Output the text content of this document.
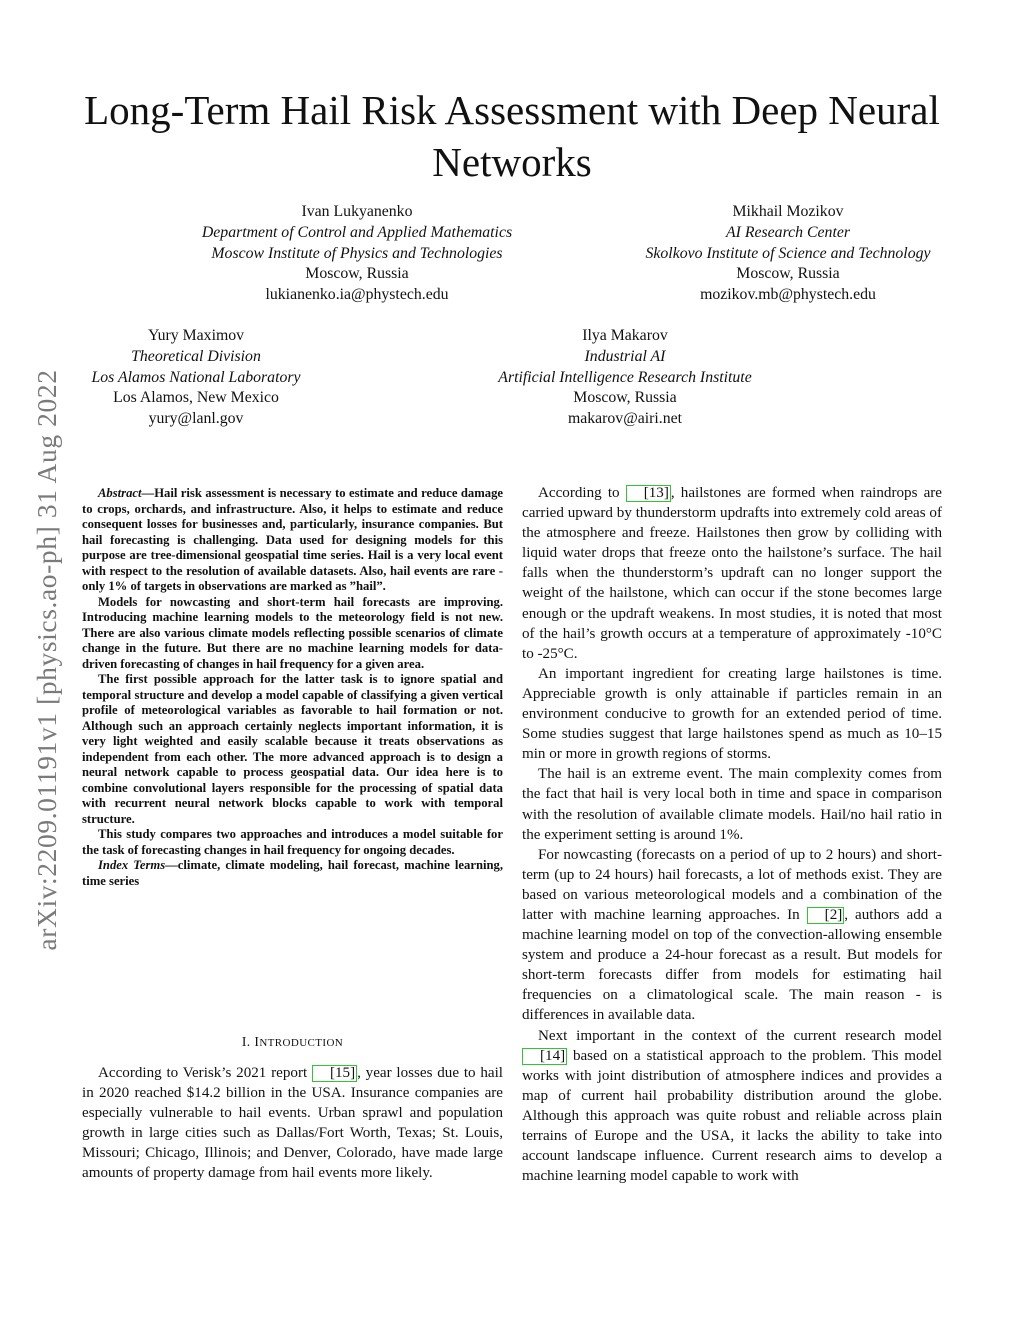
arXiv:2209.01191v1 [physics.ao-ph] 31 Aug 2022
Long-Term Hail Risk Assessment with Deep Neural Networks
Ivan Lukyanenko
Department of Control and Applied Mathematics
Moscow Institute of Physics and Technologies
Moscow, Russia
lukianenko.ia@phystech.edu
Mikhail Mozikov
AI Research Center
Skolkovo Institute of Science and Technology
Moscow, Russia
mozikov.mb@phystech.edu
Yury Maximov
Theoretical Division
Los Alamos National Laboratory
Los Alamos, New Mexico
yury@lanl.gov
Ilya Makarov
Industrial AI
Artificial Intelligence Research Institute
Moscow, Russia
makarov@airi.net

Abstract—Hail risk assessment is necessary to estimate and reduce damage to crops, orchards, and infrastructure. Also, it helps to estimate and reduce consequent losses for businesses and, particularly, insurance companies. But hail forecasting is challenging. Data used for designing models for this purpose are tree-dimensional geospatial time series. Hail is a very local event with respect to the resolution of available datasets. Also, hail events are rare - only 1% of targets in observations are marked as ”hail”.

Models for nowcasting and short-term hail forecasts are improving. Introducing machine learning models to the meteorology field is not new. There are also various climate models reflecting possible scenarios of climate change in the future. But there are no machine learning models for data-driven forecasting of changes in hail frequency for a given area.

The first possible approach for the latter task is to ignore spatial and temporal structure and develop a model capable of classifying a given vertical profile of meteorological variables as favorable to hail formation or not. Although such an approach certainly neglects important information, it is very light weighted and easily scalable because it treats observations as independent from each other. The more advanced approach is to design a neural network capable to process geospatial data. Our idea here is to combine convolutional layers responsible for the processing of spatial data with recurrent neural network blocks capable to work with temporal structure.

This study compares two approaches and introduces a model suitable for the task of forecasting changes in hail frequency for ongoing decades.

Index Terms—climate, climate modeling, hail forecast, machine learning, time series

I. INTRODUCTION

According to Verisk’s 2021 report [15] , year losses due to hail in 2020 reached $14.2 billion in the USA. Insurance companies are especially vulnerable to hail events. Urban sprawl and population growth in large cities such as Dallas/Fort Worth, Texas; St. Louis, Missouri; Chicago, Illinois; and Denver, Colorado, have made large amounts of property damage from hail events more likely.

According to [13] , hailstones are formed when raindrops are carried upward by thunderstorm updrafts into extremely cold areas of the atmosphere and freeze. Hailstones then grow by colliding with liquid water drops that freeze onto the hailstone’s surface. The hail falls when the thunderstorm’s updraft can no longer support the weight of the hailstone, which can occur if the stone becomes large enough or the updraft weakens. In most studies, it is noted that most of the hail’s growth occurs at a temperature of approximately -10°C to -25°C.

An important ingredient for creating large hailstones is time. Appreciable growth is only attainable if particles remain in an environment conducive to growth for an extended period of time. Some studies suggest that large hailstones spend as much as 10–15 min or more in growth regions of storms.

The hail is an extreme event. The main complexity comes from the fact that hail is very local both in time and space in comparison with the resolution of available climate models. Hail/no hail ratio in the experiment setting is around 1%.

For nowcasting (forecasts on a period of up to 2 hours) and short-term (up to 24 hours) hail forecasts, a lot of methods exist. They are based on various meteorological models and a combination of the latter with machine learning approaches. In [2] , authors add a machine learning model on top of the convection-allowing ensemble system and produce a 24-hour forecast as a result. But models for short-term forecasts differ from models for estimating hail frequencies on a climatological scale. The main reason - is differences in available data.

Next important in the context of the current research model [14] based on a statistical approach to the problem. This model works with joint distribution of atmosphere indices and provides a map of current hail probability distribution around the globe. Although this approach was quite robust and reliable across plain terrains of Europe and the USA, it lacks the ability to take into account landscape influence. Current research aims to develop a machine learning model capable to work with
